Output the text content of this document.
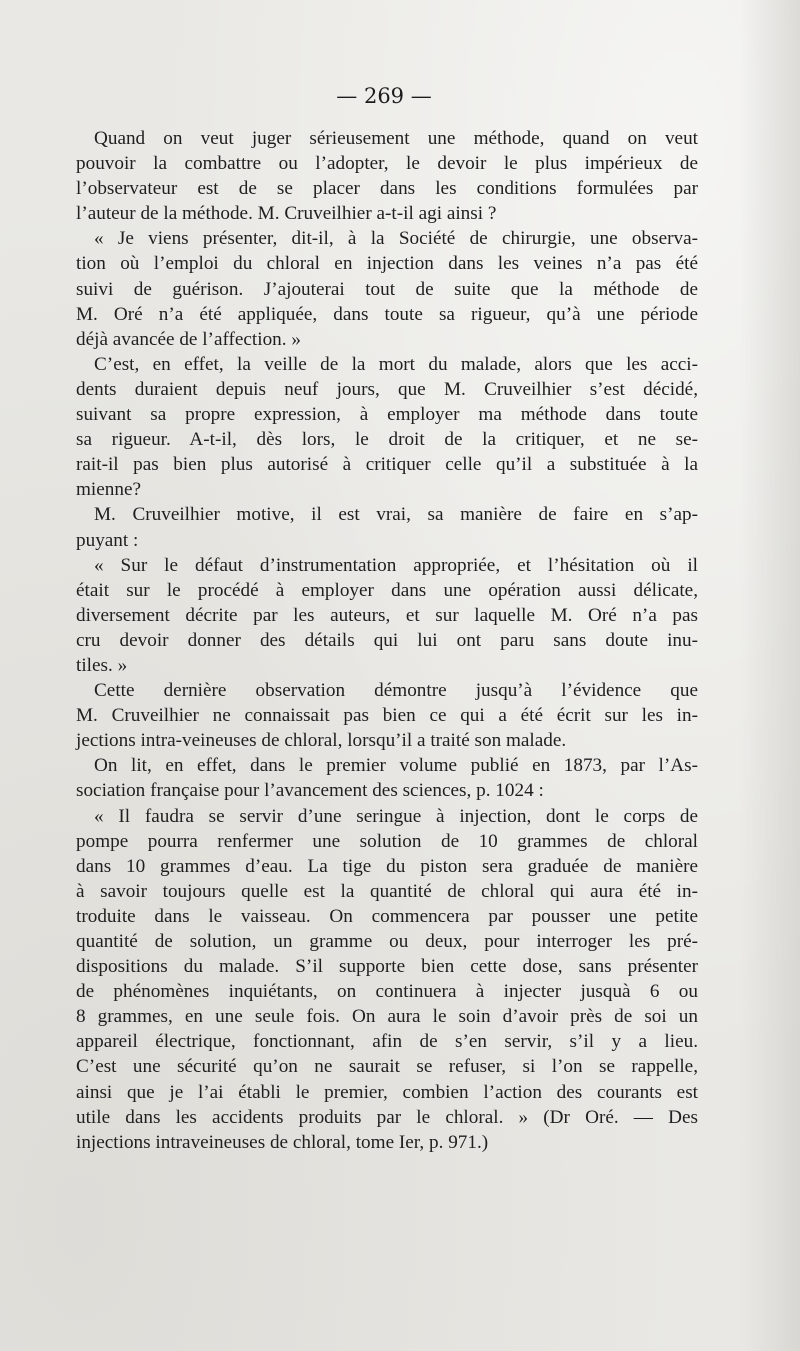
— 269 —

Quand on veut juger sérieusement une méthode, quand on veut
pouvoir la combattre ou l’adopter, le devoir le plus impérieux de
l’observateur est de se placer dans les conditions formulées par
l’auteur de la méthode. M. Cruveilhier a-t-il agi ainsi ?
« Je viens présenter, dit-il, à la Société de chirurgie, une observa-
tion où l’emploi du chloral en injection dans les veines n’a pas été
suivi de guérison. J’ajouterai tout de suite que la méthode de
M. Oré n’a été appliquée, dans toute sa rigueur, qu’à une période
déjà avancée de l’affection. »
C’est, en effet, la veille de la mort du malade, alors que les acci-
dents duraient depuis neuf jours, que M. Cruveilhier s’est décidé,
suivant sa propre expression, à employer ma méthode dans toute
sa rigueur. A-t-il, dès lors, le droit de la critiquer, et ne se-
rait-il pas bien plus autorisé à critiquer celle qu’il a substituée à la
mienne?
M. Cruveilhier motive, il est vrai, sa manière de faire en s’ap-
puyant :
« Sur le défaut d’instrumentation appropriée, et l’hésitation où il
était sur le procédé à employer dans une opération aussi délicate,
diversement décrite par les auteurs, et sur laquelle M. Oré n’a pas
cru devoir donner des détails qui lui ont paru sans doute inu-
tiles. »
Cette dernière observation démontre jusqu’à l’évidence que
M. Cruveilhier ne connaissait pas bien ce qui a été écrit sur les in-
jections intra-veineuses de chloral, lorsqu’il a traité son malade.
On lit, en effet, dans le premier volume publié en 1873, par l’As-
sociation française pour l’avancement des sciences, p. 1024 :
« Il faudra se servir d’une seringue à injection, dont le corps de
pompe pourra renfermer une solution de 10 grammes de chloral
dans 10 grammes d’eau. La tige du piston sera graduée de manière
à savoir toujours quelle est la quantité de chloral qui aura été in-
troduite dans le vaisseau. On commencera par pousser une petite
quantité de solution, un gramme ou deux, pour interroger les pré-
dispositions du malade. S’il supporte bien cette dose, sans présenter
de phénomènes inquiétants, on continuera à injecter jusquà 6 ou
8 grammes, en une seule fois. On aura le soin d’avoir près de soi un
appareil électrique, fonctionnant, afin de s’en servir, s’il y a lieu.
C’est une sécurité qu’on ne saurait se refuser, si l’on se rappelle,
ainsi que je l’ai établi le premier, combien l’action des courants est
utile dans les accidents produits par le chloral. » (Dr Oré. — Des
injections intraveineuses de chloral, tome Ier, p. 971.)
